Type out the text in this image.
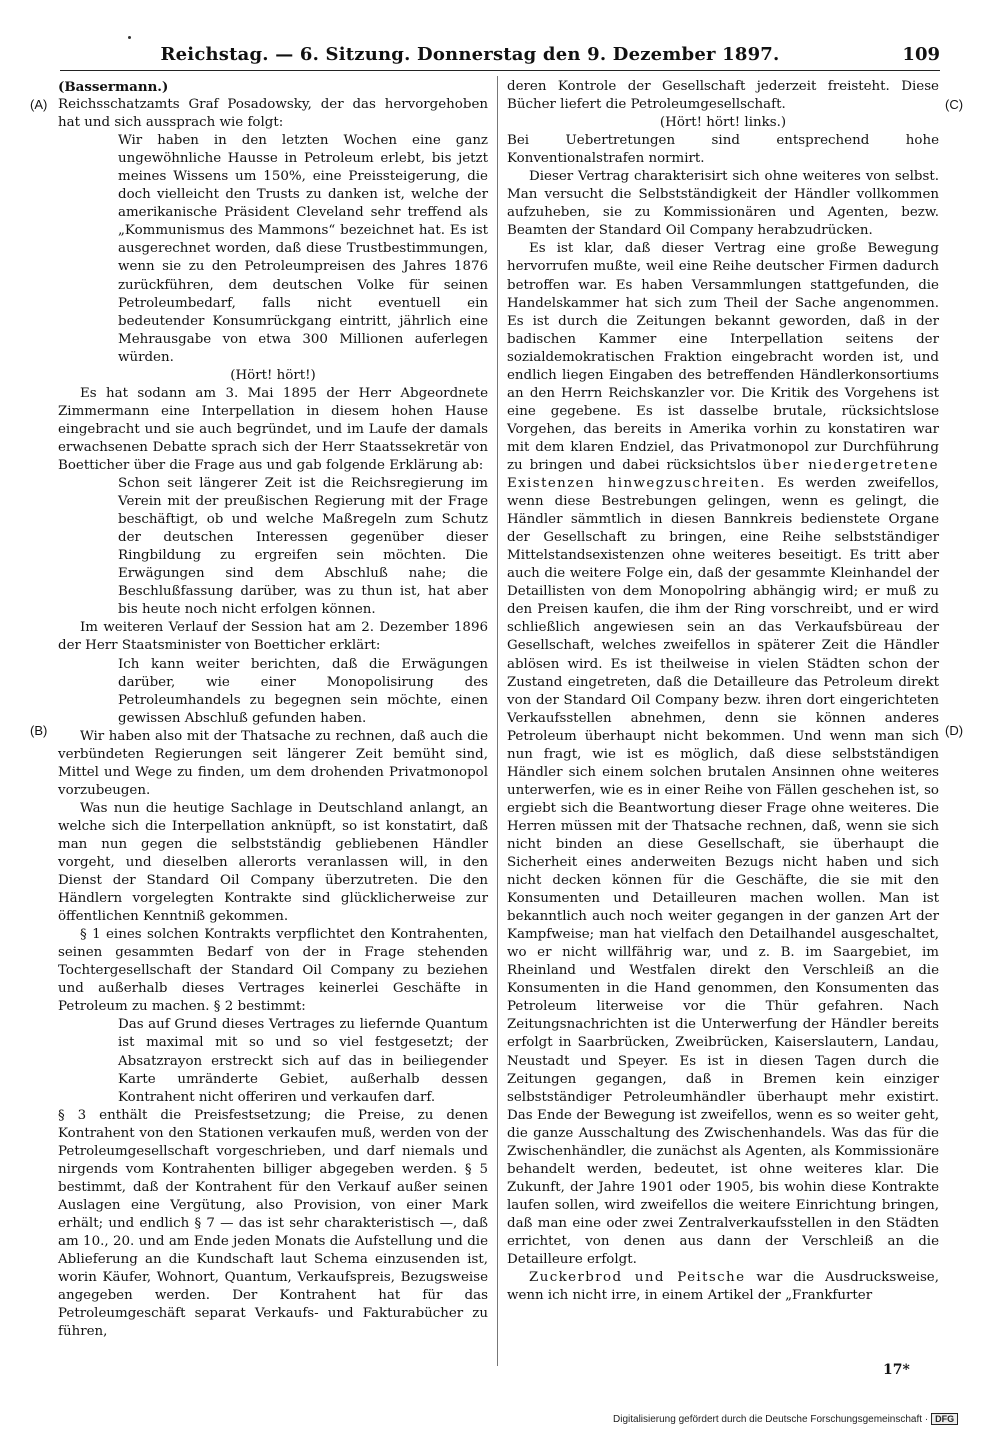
Reichstag. — 6. Sitzung. Donnerstag den 9. Dezember 1897.	109
(A)
(B)
(C)
(D)

(Bassermann.)

Reichsschatzamts Graf Posadowsky, der das hervorgehoben hat und sich aussprach wie folgt:

Wir haben in den letzten Wochen eine ganz ungewöhnliche Hausse in Petroleum erlebt, bis jetzt meines Wissens um 150%, eine Preissteigerung, die doch vielleicht den Trusts zu danken ist, welche der amerikanische Präsident Cleveland sehr treffend als „Kommunismus des Mammons“ bezeichnet hat. Es ist ausgerechnet worden, daß diese Trustbestimmungen, wenn sie zu den Petroleumpreisen des Jahres 1876 zurückführen, dem deutschen Volke für seinen Petroleumbedarf, falls nicht eventuell ein bedeutender Konsumrückgang eintritt, jährlich eine Mehrausgabe von etwa 300 Millionen auferlegen würden.

(Hört! hört!)

Es hat sodann am 3. Mai 1895 der Herr Abgeordnete Zimmermann eine Interpellation in diesem hohen Hause eingebracht und sie auch begründet, und im Laufe der damals erwachsenen Debatte sprach sich der Herr Staatssekretär von Boetticher über die Frage aus und gab folgende Erklärung ab:

Schon seit längerer Zeit ist die Reichsregierung im Verein mit der preußischen Regierung mit der Frage beschäftigt, ob und welche Maßregeln zum Schutz der deutschen Interessen gegenüber dieser Ringbildung zu ergreifen sein möchten. Die Erwägungen sind dem Abschluß nahe; die Beschlußfassung darüber, was zu thun ist, hat aber bis heute noch nicht erfolgen können.

Im weiteren Verlauf der Session hat am 2. Dezember 1896 der Herr Staatsminister von Boetticher erklärt:

Ich kann weiter berichten, daß die Erwägungen darüber, wie einer Monopolisirung des Petroleumhandels zu begegnen sein möchte, einen gewissen Abschluß gefunden haben.

Wir haben also mit der Thatsache zu rechnen, daß auch die verbündeten Regierungen seit längerer Zeit bemüht sind, Mittel und Wege zu finden, um dem drohenden Privatmonopol vorzubeugen.

Was nun die heutige Sachlage in Deutschland anlangt, an welche sich die Interpellation anknüpft, so ist konstatirt, daß man nun gegen die selbstständig gebliebenen Händler vorgeht, und dieselben allerorts veranlassen will, in den Dienst der Standard Oil Company überzutreten. Die den Händlern vorgelegten Kontrakte sind glücklicherweise zur öffentlichen Kenntniß gekommen.

§ 1 eines solchen Kontrakts verpflichtet den Kontrahenten, seinen gesammten Bedarf von der in Frage stehenden Tochtergesellschaft der Standard Oil Company zu beziehen und außerhalb dieses Vertrages keinerlei Geschäfte in Petroleum zu machen. § 2 bestimmt:

Das auf Grund dieses Vertrages zu liefernde Quantum ist maximal mit so und so viel festgesetzt; der Absatzrayon erstreckt sich auf das in beiliegender Karte umränderte Gebiet, außerhalb dessen Kontrahent nicht offeriren und verkaufen darf.

§ 3 enthält die Preisfestsetzung; die Preise, zu denen Kontrahent von den Stationen verkaufen muß, werden von der Petroleumgesellschaft vorgeschrieben, und darf niemals und nirgends vom Kontrahenten billiger abgegeben werden. § 5 bestimmt, daß der Kontrahent für den Verkauf außer seinen Auslagen eine Vergütung, also Provision, von einer Mark erhält; und endlich § 7 — das ist sehr charakteristisch —, daß am 10., 20. und am Ende jeden Monats die Aufstellung und die Ablieferung an die Kundschaft laut Schema einzusenden ist, worin Käufer, Wohnort, Quantum, Verkaufspreis, Bezugsweise angegeben werden. Der Kontrahent hat für das Petroleumgeschäft separat Verkaufs- und Fakturabücher zu führen,

deren Kontrole der Gesellschaft jederzeit freisteht. Diese Bücher liefert die Petroleumgesellschaft.

(Hört! hört! links.)

Bei Uebertretungen sind entsprechend hohe Konventionalstrafen normirt.

Dieser Vertrag charakterisirt sich ohne weiteres von selbst. Man versucht die Selbstständigkeit der Händler vollkommen aufzuheben, sie zu Kommissionären und Agenten, bezw. Beamten der Standard Oil Company herabzudrücken.

Es ist klar, daß dieser Vertrag eine große Bewegung hervorrufen mußte, weil eine Reihe deutscher Firmen dadurch betroffen war. Es haben Versammlungen stattgefunden, die Handelskammer hat sich zum Theil der Sache angenommen. Es ist durch die Zeitungen bekannt geworden, daß in der badischen Kammer eine Interpellation seitens der sozialdemokratischen Fraktion eingebracht worden ist, und endlich liegen Eingaben des betreffenden Händlerkonsortiums an den Herrn Reichskanzler vor. Die Kritik des Vorgehens ist eine gegebene. Es ist dasselbe brutale, rücksichtslose Vorgehen, das bereits in Amerika vorhin zu konstatiren war mit dem klaren Endziel, das Privatmonopol zur Durchführung zu bringen und dabei rücksichtslos über niedergetretene Existenzen hinwegzuschreiten. Es werden zweifellos, wenn diese Bestrebungen gelingen, wenn es gelingt, die Händler sämmtlich in diesen Bannkreis bedienstete Organe der Gesellschaft zu bringen, eine Reihe selbstständiger Mittelstandsexistenzen ohne weiteres beseitigt. Es tritt aber auch die weitere Folge ein, daß der gesammte Kleinhandel der Detaillisten von dem Monopolring abhängig wird; er muß zu den Preisen kaufen, die ihm der Ring vorschreibt, und er wird schließlich angewiesen sein an das Verkaufsbüreau der Gesellschaft, welches zweifellos in späterer Zeit die Händler ablösen wird. Es ist theilweise in vielen Städten schon der Zustand eingetreten, daß die Detailleure das Petroleum direkt von der Standard Oil Company bezw. ihren dort eingerichteten Verkaufsstellen abnehmen, denn sie können anderes Petroleum überhaupt nicht bekommen. Und wenn man sich nun fragt, wie ist es möglich, daß diese selbstständigen Händler sich einem solchen brutalen Ansinnen ohne weiteres unterwerfen, wie es in einer Reihe von Fällen geschehen ist, so ergiebt sich die Beantwortung dieser Frage ohne weiteres. Die Herren müssen mit der Thatsache rechnen, daß, wenn sie sich nicht binden an diese Gesellschaft, sie überhaupt die Sicherheit eines anderweiten Bezugs nicht haben und sich nicht decken können für die Geschäfte, die sie mit den Konsumenten und Detailleuren machen wollen. Man ist bekanntlich auch noch weiter gegangen in der ganzen Art der Kampfweise; man hat vielfach den Detailhandel ausgeschaltet, wo er nicht willfährig war, und z. B. im Saargebiet, im Rheinland und Westfalen direkt den Verschleiß an die Konsumenten in die Hand genommen, den Konsumenten das Petroleum literweise vor die Thür gefahren. Nach Zeitungsnachrichten ist die Unterwerfung der Händler bereits erfolgt in Saarbrücken, Zweibrücken, Kaiserslautern, Landau, Neustadt und Speyer. Es ist in diesen Tagen durch die Zeitungen gegangen, daß in Bremen kein einziger selbstständiger Petroleumhändler überhaupt mehr existirt. Das Ende der Bewegung ist zweifellos, wenn es so weiter geht, die ganze Ausschaltung des Zwischenhandels. Was das für die Zwischenhändler, die zunächst als Agenten, als Kommissionäre behandelt werden, bedeutet, ist ohne weiteres klar. Die Zukunft, der Jahre 1901 oder 1905, bis wohin diese Kontrakte laufen sollen, wird zweifellos die weitere Einrichtung bringen, daß man eine oder zwei Zentralverkaufsstellen in den Städten errichtet, von denen aus dann der Verschleiß an die Detailleure erfolgt.

Zuckerbrod und Peitsche war die Ausdrucksweise, wenn ich nicht irre, in einem Artikel der „Frankfurter

17*
Digitalisierung gefördert durch die Deutsche Forschungsgemeinschaft · DFG
